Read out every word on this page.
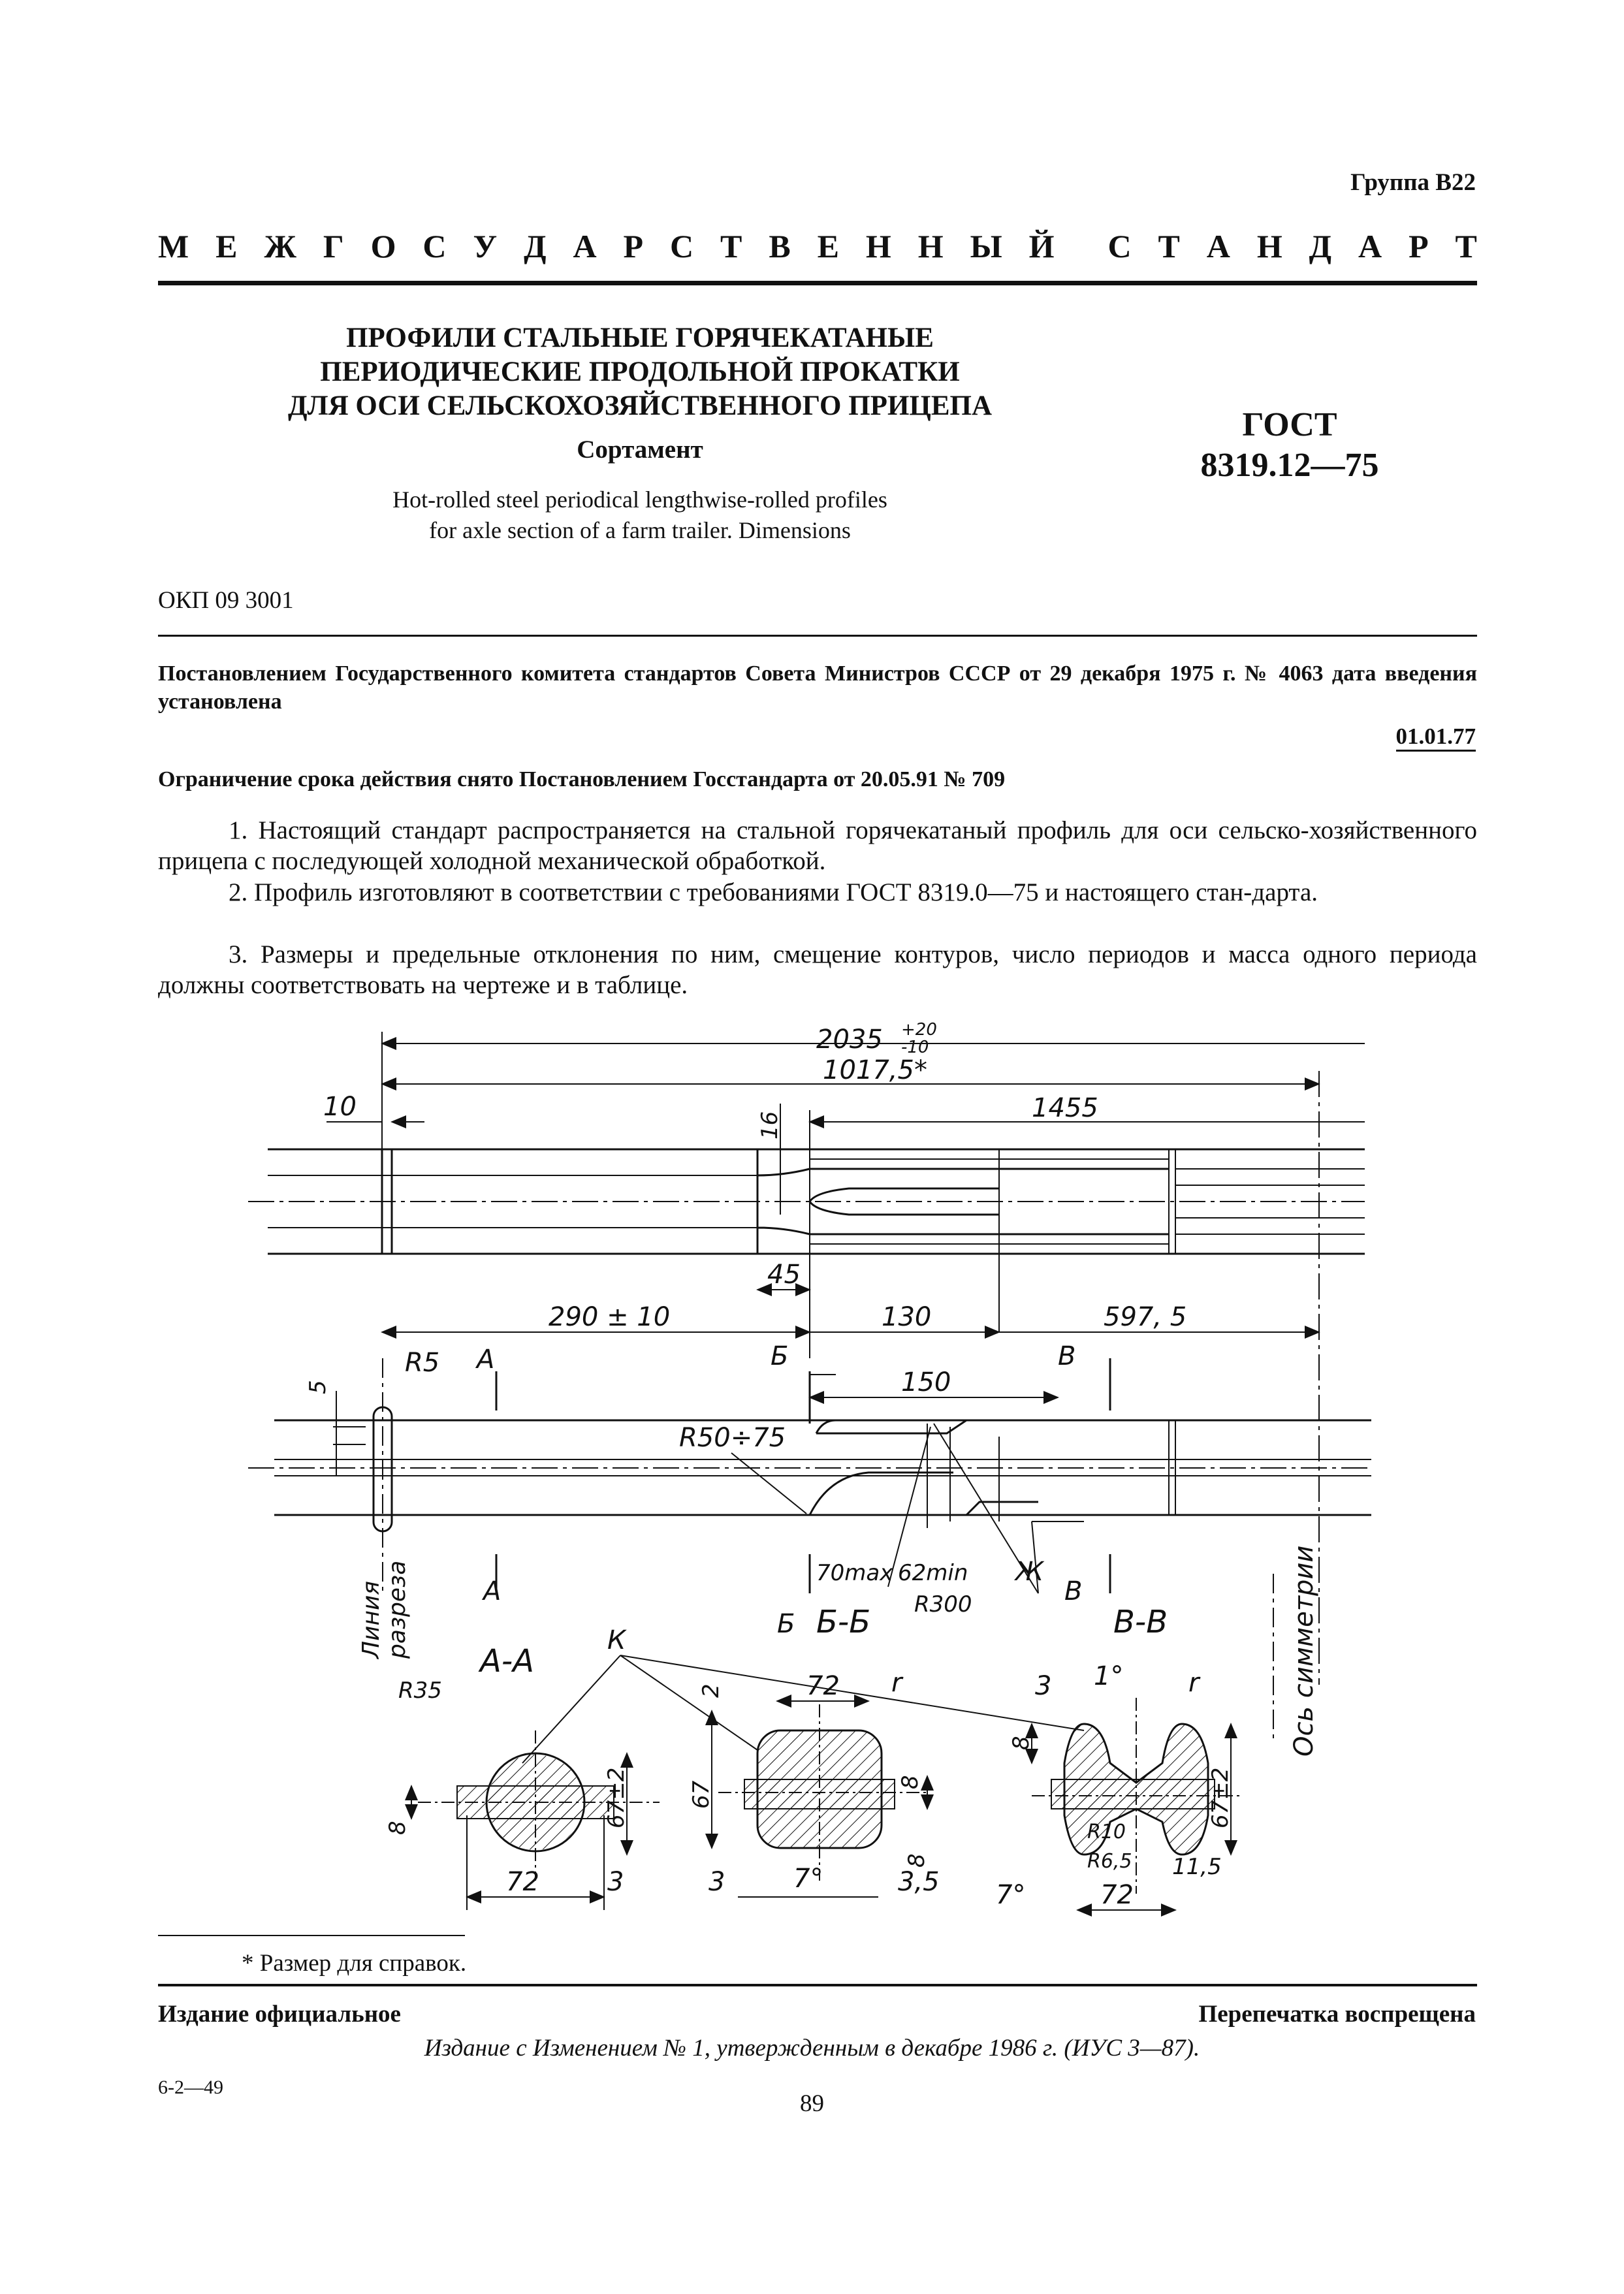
Группа В22
М Е Ж Г О С У Д А Р С Т В Е Н Н Ы Й С Т А Н Д А Р Т
ПРОФИЛИ СТАЛЬНЫЕ ГОРЯЧЕКАТАНЫЕ
ПЕРИОДИЧЕСКИЕ ПРОДОЛЬНОЙ ПРОКАТКИ
ДЛЯ ОСИ СЕЛЬСКОХОЗЯЙСТВЕННОГО ПРИЦЕПА
Сортамент
Hot-rolled steel periodical lengthwise-rolled profiles
for axle section of a farm trailer. Dimensions
ГОСТ
8319.12—75
ОКП 09 3001
Постановлением Государственного комитета стандартов Совета Министров СССР от 29 декабря 1975 г. № 4063 дата введения установлена
01.01.77
Ограничение срока действия снято Постановлением Госстандарта от 20.05.91 № 709
1. Настоящий стандарт распространяется на стальной горячекатаный профиль для оси сельско-хозяйственного прицепа с последующей холодной механической обработкой.
2. Профиль изготовляют в соответствии с требованиями ГОСТ 8319.0—75 и настоящего стан-дарта.
3. Размеры и предельные отклонения по ним, смещение контуров, число периодов и масса одного периода должны соответствовать на чертеже и в таблице.
2035 +20
-10
1017,5*
10	1455
16
45
290 ± 10	130	597, 5
5
R5 А	Б	В
150
R50÷75
70max 62min
R300
Ж
А
Б
В
Линия разреза	Ось симметрии
А-А
Б-Б	В-В
К
R35
8	67±2
72	3
2	72 r
67
8
8
3	7°	3,5
3 1° r
8
67±2
R10
R6,5 11,5
7°	72
* Размер для справок.
Издание официальное	Перепечатка воспрещена
Издание с Изменением № 1, утвержденным в декабре 1986 г. (ИУС 3—87).
6-2—49
89
